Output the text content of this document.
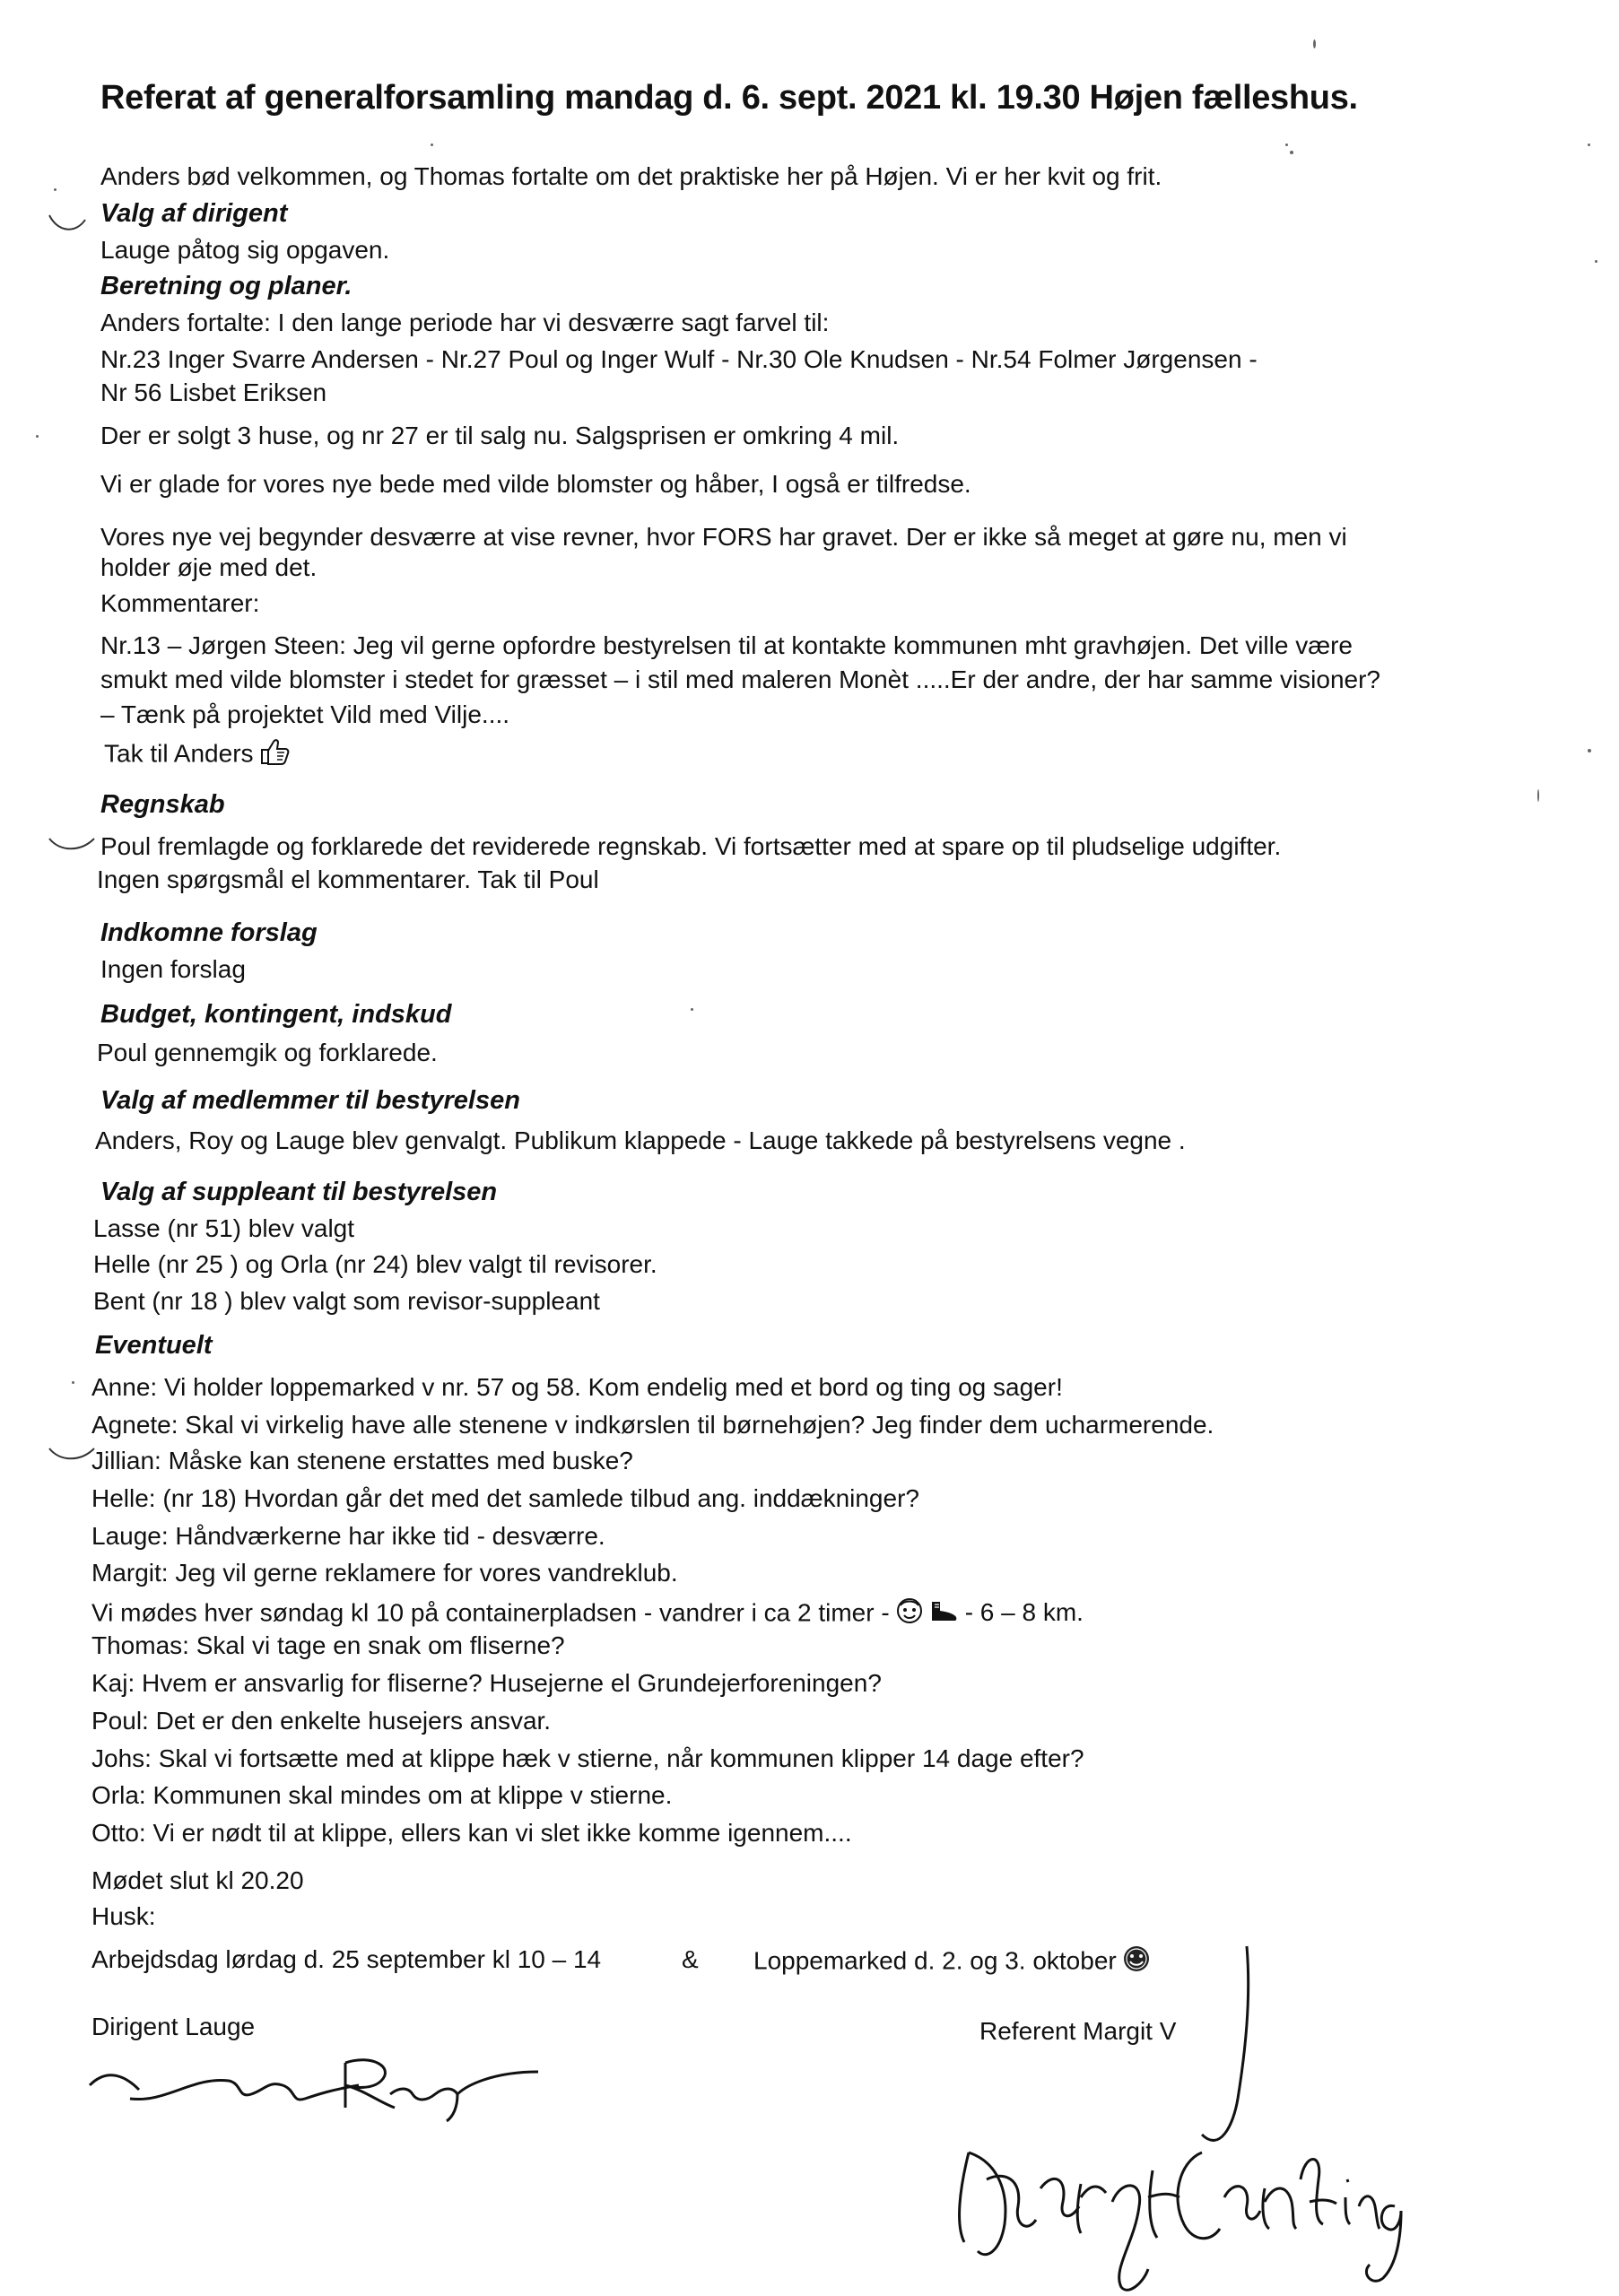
Referat af generalforsamling mandag d. 6. sept. 2021 kl. 19.30 Højen fælleshus.
Anders bød velkommen, og Thomas fortalte om det praktiske her på Højen. Vi er her kvit og frit.
Valg af dirigent
Lauge påtog sig opgaven.
Beretning og planer.
Anders fortalte: I den lange periode har vi desværre sagt farvel til:
Nr.23 Inger Svarre Andersen - Nr.27 Poul og Inger Wulf - Nr.30 Ole Knudsen - Nr.54 Folmer Jørgensen -
Nr 56 Lisbet Eriksen
Der er solgt 3 huse, og nr 27 er til salg nu. Salgsprisen er omkring 4 mil.
Vi er glade for vores nye bede med vilde blomster og håber, I også er tilfredse.
Vores nye vej begynder desværre at vise revner, hvor FORS har gravet. Der er ikke så meget at gøre nu, men vi
holder øje med det.
Kommentarer:
Nr.13 – Jørgen Steen: Jeg vil gerne opfordre bestyrelsen til at kontakte kommunen mht gravhøjen. Det ville være
smukt med vilde blomster i stedet for græsset – i stil med maleren Monèt .....Er der andre, der har samme visioner?
– Tænk på projektet Vild med Vilje....
Tak til Anders
Regnskab
Poul fremlagde og forklarede det reviderede regnskab. Vi fortsætter med at spare op til pludselige udgifter.
Ingen spørgsmål el kommentarer. Tak til Poul
Indkomne forslag
Ingen forslag
Budget, kontingent, indskud
Poul gennemgik og forklarede.
Valg af medlemmer til bestyrelsen
Anders, Roy og Lauge blev genvalgt. Publikum klappede - Lauge takkede på bestyrelsens vegne .
Valg af suppleant til bestyrelsen
Lasse (nr 51) blev valgt
Helle (nr 25 ) og Orla (nr 24) blev valgt til revisorer.
Bent (nr 18 ) blev valgt som revisor-suppleant
Eventuelt
Anne: Vi holder loppemarked v nr. 57 og 58. Kom endelig med et bord og ting og sager!
Agnete: Skal vi virkelig have alle stenene v indkørslen til børnehøjen? Jeg finder dem ucharmerende.
Jillian: Måske kan stenene erstattes med buske?
Helle: (nr 18) Hvordan går det med det samlede tilbud ang. inddækninger?
Lauge: Håndværkerne har ikke tid - desværre.
Margit: Jeg vil gerne reklamere for vores vandreklub.
Vi mødes hver søndag kl 10 på containerpladsen - vandrer i ca 2 timer -	- 6 – 8 km.
Thomas: Skal vi tage en snak om fliserne?
Kaj: Hvem er ansvarlig for fliserne? Husejerne el Grundejerforeningen?
Poul: Det er den enkelte husejers ansvar.
Johs: Skal vi fortsætte med at klippe hæk v stierne, når kommunen klipper 14 dage efter?
Orla: Kommunen skal mindes om at klippe v stierne.
Otto: Vi er nødt til at klippe, ellers kan vi slet ikke komme igennem....
Mødet slut kl 20.20
Husk:
Arbejdsdag lørdag d. 25 september kl 10 – 14	& Loppemarked d. 2. og 3. oktober
Dirigent Lauge	Referent Margit V
